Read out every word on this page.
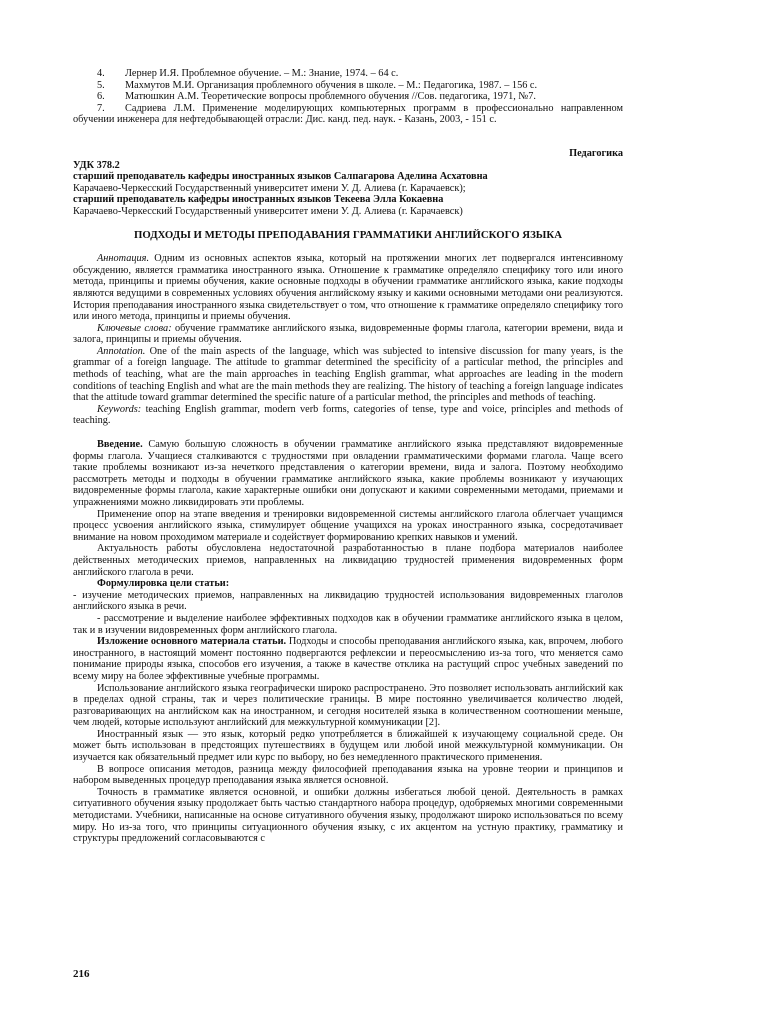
4. Лернер И.Я. Проблемное обучение. – М.: Знание, 1974. – 64 с.

5. Махмутов М.И. Организация проблемного обучения в школе. – М.: Педагогика, 1987. – 156 с.

6. Матюшкин А.М. Теоретические вопросы проблемного обучения //Сов. педагогика, 1971, №7.

7. Садриева Л.М. Применение моделирующих компьютерных программ в профессионально направленном обучении инженера для нефтедобывающей отрасли: Дис. канд. пед. наук. - Казань, 2003, - 151 с.

Педагогика

УДК 378.2

старший преподаватель кафедры иностранных языков Салпагарова Аделина Асхатовна

Карачаево-Черкесский Государственный университет имени У. Д. Алиева (г. Карачаевск);

старший преподаватель кафедры иностранных языков Текеева Элла Кокаевна

Карачаево-Черкесский Государственный университет имени У. Д. Алиева (г. Карачаевск)

ПОДХОДЫ И МЕТОДЫ ПРЕПОДАВАНИЯ ГРАММАТИКИ АНГЛИЙСКОГО ЯЗЫКА

Аннотация. Одним из основных аспектов языка, который на протяжении многих лет подвергался интенсивному обсуждению, является грамматика иностранного языка. Отношение к грамматике определяло специфику того или иного метода, принципы и приемы обучения, какие основные подходы в обучении грамматике английского языка, какие подходы являются ведущими в современных условиях обучения английскому языку и какими основными методами они реализуются. История преподавания иностранного языка свидетельствует о том, что отношение к грамматике определяло специфику того или иного метода, принципы и приемы обучения.

Ключевые слова: обучение грамматике английского языка, видовременные формы глагола, категории времени, вида и залога, принципы и приемы обучения.

Annotation. One of the main aspects of the language, which was subjected to intensive discussion for many years, is the grammar of a foreign language. The attitude to grammar determined the specificity of a particular method, the principles and methods of teaching, what are the main approaches in teaching English grammar, what approaches are leading in the modern conditions of teaching English and what are the main methods they are realizing. The history of teaching a foreign language indicates that the attitude toward grammar determined the specific nature of a particular method, the principles and methods of teaching.

Keywords: teaching English grammar, modern verb forms, categories of tense, type and voice, principles and methods of teaching.

Введение. Самую большую сложность в обучении грамматике английского языка представляют видовременные формы глагола. Учащиеся сталкиваются с трудностями при овладении грамматическими формами глагола. Чаще всего такие проблемы возникают из-за нечеткого представления о категории времени, вида и залога. Поэтому необходимо рассмотреть методы и подходы в обучении грамматике английского языка, какие проблемы возникают у изучающих видовременные формы глагола, какие характерные ошибки они допускают и какими современными методами, приемами и упражнениями можно ликвидировать эти проблемы.

Применение опор на этапе введения и тренировки видовременной системы английского глагола облегчает учащимся процесс усвоения английского языка, стимулирует общение учащихся на уроках иностранного языка, сосредотачивает внимание на новом проходимом материале и содействует формированию крепких навыков и умений.

Актуальность работы обусловлена недостаточной разработанностью в плане подбора материалов наиболее действенных методических приемов, направленных на ликвидацию трудностей применения видовременных форм английского глагола в речи.

Формулировка цели статьи:

- изучение методических приемов, направленных на ликвидацию трудностей использования видовременных глаголов английского языка в речи.

- рассмотрение и выделение наиболее эффективных подходов как в обучении грамматике английского языка в целом, так и в изучении видовременных форм английского глагола.

Изложение основного материала статьи. Подходы и способы преподавания английского языка, как, впрочем, любого иностранного, в настоящий момент постоянно подвергаются рефлексии и переосмыслению из-за того, что меняется само понимание природы языка, способов его изучения, а также в качестве отклика на растущий спрос учебных заведений по всему миру на более эффективные учебные программы.

Использование английского языка географически широко распространено. Это позволяет использовать английский как в пределах одной страны, так и через политические границы. В мире постоянно увеличивается количество людей, разговаривающих на английском как на иностранном, и сегодня носителей языка в количественном соотношении меньше, чем людей, которые используют английский для межкультурной коммуникации [2].

Иностранный язык — это язык, который редко употребляется в ближайшей к изучающему социальной среде. Он может быть использован в предстоящих путешествиях в будущем или любой иной межкультурной коммуникации. Он изучается как обязательный предмет или курс по выбору, но без немедленного практического применения.

В вопросе описания методов, разница между философией преподавания языка на уровне теории и принципов и набором выведенных процедур преподавания языка является основной.

Точность в грамматике является основной, и ошибки должны избегаться любой ценой. Деятельность в рамках ситуативного обучения языку продолжает быть частью стандартного набора процедур, одобряемых многими современными методистами. Учебники, написанные на основе ситуативного обучения языку, продолжают широко использоваться по всему миру. Но из-за того, что принципы ситуационного обучения языку, с их акцентом на устную практику, грамматику и структуры предложений согласовываются с

216
